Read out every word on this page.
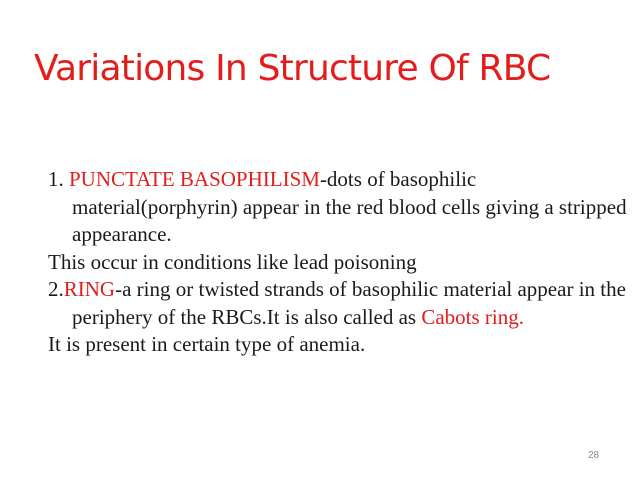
Variations In Structure Of RBC

1. PUNCTATE BASOPHILISM-dots of basophilic material(porphyrin) appear in the red blood cells giving a stripped appearance.

This occur in conditions like lead poisoning

2.RING-a ring or twisted strands of basophilic material appear in the periphery of the RBCs.It is also called as Cabots ring.

It is present in certain type of anemia.

28
